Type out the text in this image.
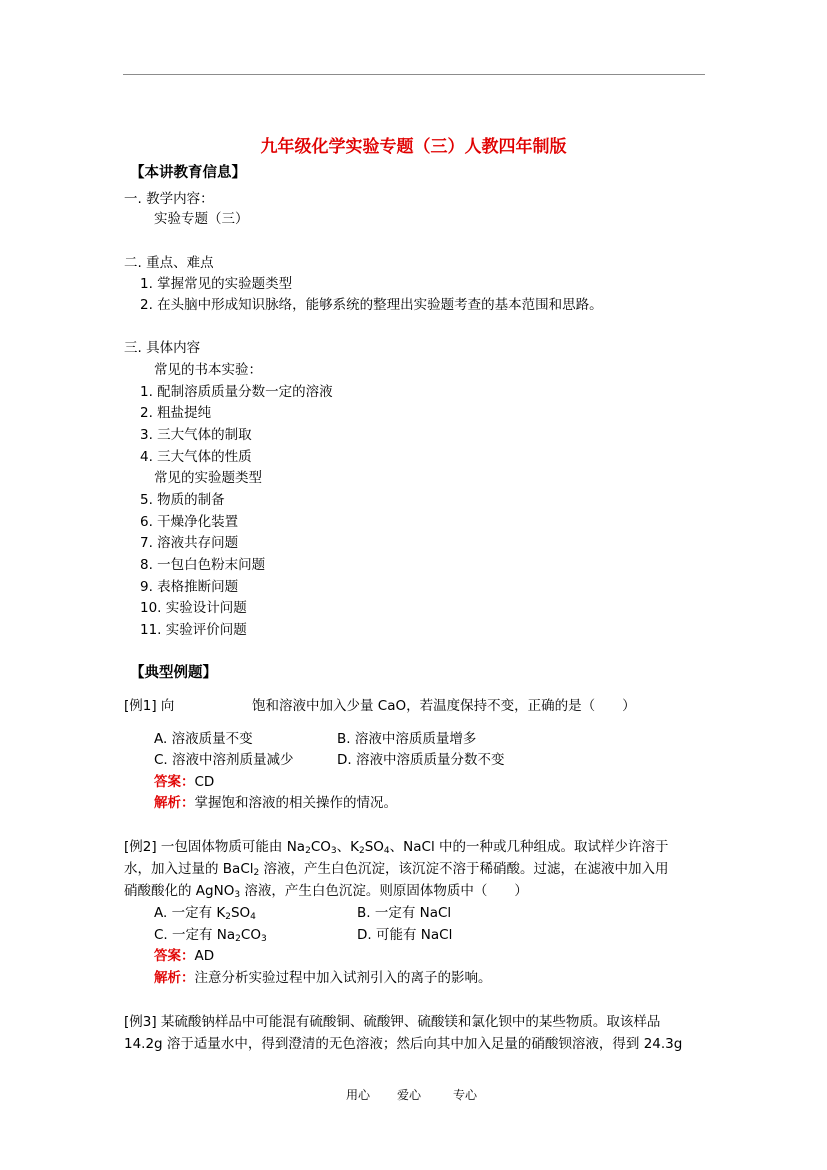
九年级化学实验专题（三）人教四年制版
【本讲教育信息】
一. 教学内容：
实验专题（三）
二. 重点、难点
1. 掌握常见的实验题类型
2. 在头脑中形成知识脉络，能够系统的整理出实验题考查的基本范围和思路。
三. 具体内容
常见的书本实验：
1. 配制溶质质量分数一定的溶液
2. 粗盐提纯
3. 三大气体的制取
4. 三大气体的性质
常见的实验题类型
5. 物质的制备
6. 干燥净化装置
7. 溶液共存问题
8. 一包白色粉末问题
9. 表格推断问题
10. 实验设计问题
11. 实验评价问题
【典型例题】
[例1] 向	饱和溶液中加入少量 CaO，若温度保持不变，正确的是（　　）
A. 溶液质量不变	B. 溶液中溶质质量增多
C. 溶液中溶剂质量减少	D. 溶液中溶质质量分数不变
答案：CD
解析：掌握饱和溶液的相关操作的情况。
[例2] 一包固体物质可能由 $Na_2CO_3$、$K_2SO_4$、NaCl 中的一种或几种组成。取试样少许溶于
水，加入过量的 BaCl$_2$ 溶液，产生白色沉淀，该沉淀不溶于稀硝酸。过滤，在滤液中加入用
硝酸酸化的 AgNO$_3$ 溶液，产生白色沉淀。则原固体物质中（　　）
A. 一定有 $K_2SO_4$	B. 一定有 NaCl
C. 一定有 $Na_2CO_3$	D. 可能有 NaCl
答案：AD
解析：注意分析实验过程中加入试剂引入的离子的影响。
[例3] 某硫酸钠样品中可能混有硫酸铜、硫酸钾、硫酸镁和氯化钡中的某些物质。取该样品
14.2g 溶于适量水中，得到澄清的无色溶液；然后向其中加入足量的硝酸钡溶液，得到 24.3g
用心 爱心	专心
